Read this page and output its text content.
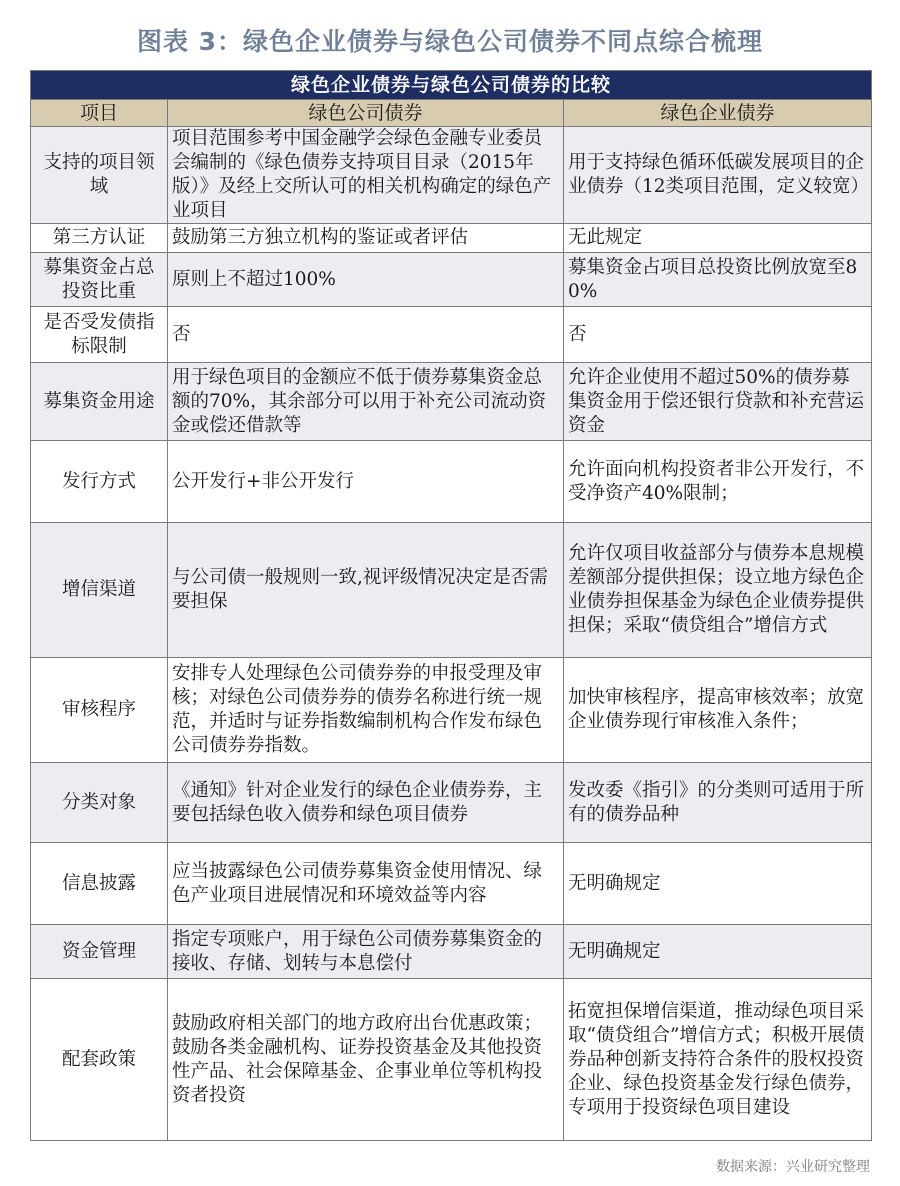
图表 3：绿色企业债券与绿色公司债券不同点综合梳理
绿色企业债券与绿色公司债券的比较		
项目	绿色公司债券	绿色企业债券
支持的项目领域	项目范围参考中国金融学会绿色金融专业委员会编制的《绿色债券支持项目目录（2015年版）》及经上交所认可的相关机构确定的绿色产业项目	用于支持绿色循环低碳发展项目的企业债券（12类项目范围，定义较宽）
第三方认证	鼓励第三方独立机构的鉴证或者评估	无此规定
募集资金占总投资比重	原则上不超过100%	募集资金占项目总投资比例放宽至80%
是否受发债指标限制	否	否
募集资金用途	用于绿色项目的金额应不低于债券募集资金总额的70%，其余部分可以用于补充公司流动资金或偿还借款等	允许企业使用不超过50%的债券募集资金用于偿还银行贷款和补充营运资金
发行方式	公开发行+非公开发行	允许面向机构投资者非公开发行，不受净资产40%限制；
增信渠道	与公司债一般规则一致,视评级情况决定是否需要担保	允许仅项目收益部分与债券本息规模差额部分提供担保；设立地方绿色企业债券担保基金为绿色企业债券提供担保；采取“债贷组合”增信方式
审核程序	安排专人处理绿色公司债券券的申报受理及审核；对绿色公司债券券的债券名称进行统一规范，并适时与证券指数编制机构合作发布绿色公司债券券指数。	加快审核程序，提高审核效率；放宽企业债券现行审核准入条件；
分类对象	《通知》针对企业发行的绿色企业债券券，主要包括绿色收入债券和绿色项目债券	发改委《指引》的分类则可适用于所有的债券品种
信息披露	应当披露绿色公司债券募集资金使用情况、绿色产业项目进展情况和环境效益等内容	无明确规定
资金管理	指定专项账户，用于绿色公司债券募集资金的接收、存储、划转与本息偿付	无明确规定
配套政策	鼓励政府相关部门的地方政府出台优惠政策；鼓励各类金融机构、证券投资基金及其他投资性产品、社会保障基金、企事业单位等机构投资者投资	拓宽担保增信渠道，推动绿色项目采取“债贷组合”增信方式；积极开展债券品种创新支持符合条件的股权投资企业、绿色投资基金发行绿色债券，专项用于投资绿色项目建设
数据来源：兴业研究整理
